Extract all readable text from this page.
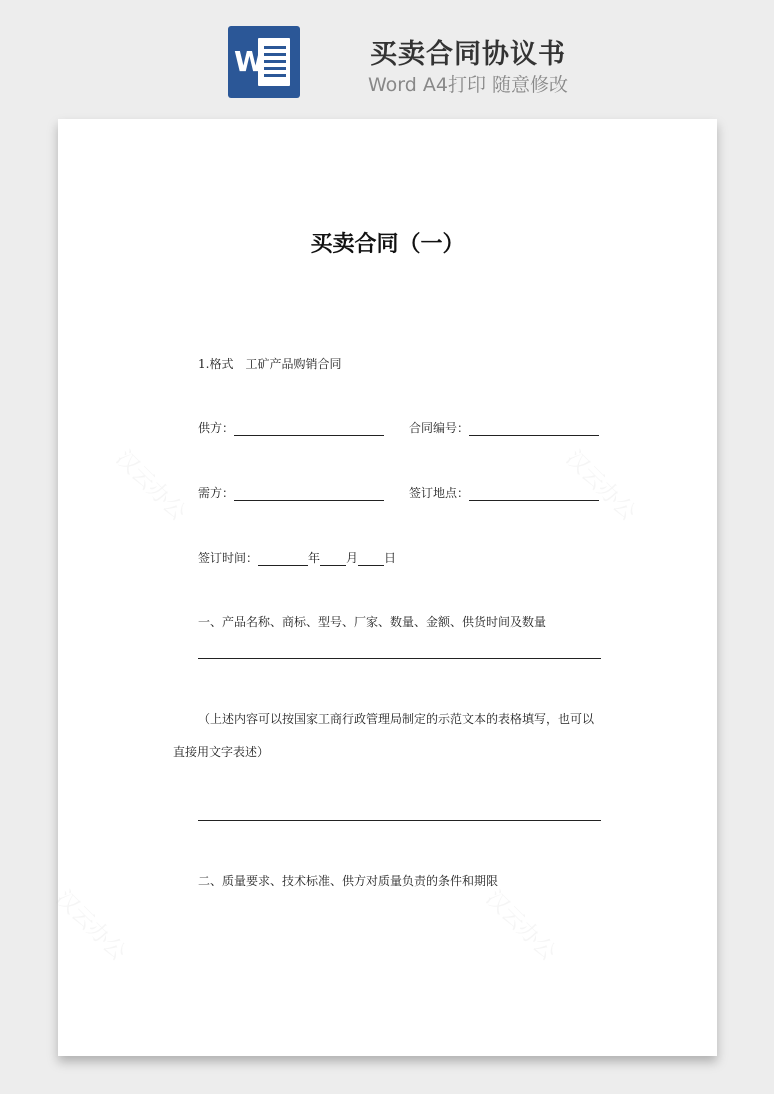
W	买卖合同协议书
Word A4打印 随意修改
汉云办公	汉云办公
汉云办公	汉云办公
买卖合同（一）
1.格式　工矿产品购销合同
供方：	合同编号：
需方：	签订地点：
签订时间：	年 月 日
一、产品名称、商标、型号、厂家、数量、金额、供货时间及数量
（上述内容可以按国家工商行政管理局制定的示范文本的表格填写，也可以
直接用文字表述）
二、质量要求、技术标准、供方对质量负责的条件和期限
